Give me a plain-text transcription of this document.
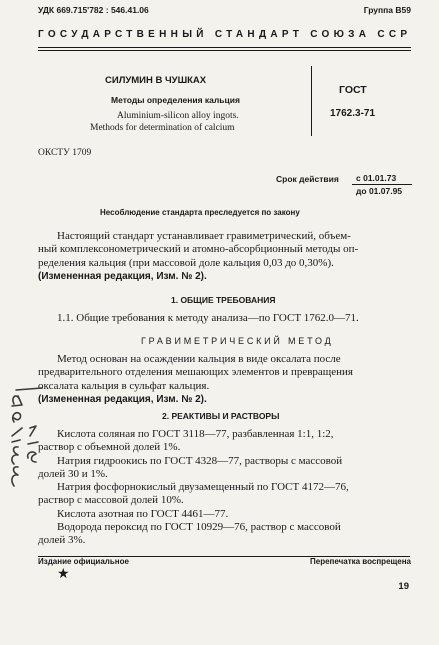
УДК 669.715'782 : 546.41.06	Группа В59
ГОСУДАРСТВЕННЫЙ СТАНДАРТ СОЮЗА ССР
СИЛУМИН В ЧУШКАХ
Методы определения кальция
Aluminium-silicon alloy ingots.
Methods for determination of calcium
ГОСТ
1762.3-71
ОКСТУ 1709
Срок действия с 01.01.73
до 01.07.95
Несоблюдение стандарта преследуется по закону
Настоящий стандарт устанавливает гравиметрический, объем-
ный комплексонометрический и атомно-абсорбционный методы оп-
ределения кальция (при массовой доле кальция 0,03 до 0,30%).
(Измененная редакция, Изм. № 2).
1. ОБЩИЕ ТРЕБОВАНИЯ
1.1. Общие требования к методу анализа—по ГОСТ 1762.0—71.
ГРАВИМЕТРИЧЕСКИЙ МЕТОД
Метод основан на осаждении кальция в виде оксалата после
предварительного отделения мешающих элементов и превращения
оксалата кальция в сульфат кальция.
(Измененная редакция, Изм. № 2).
2. РЕАКТИВЫ И РАСТВОРЫ
Кислота соляная по ГОСТ 3118—77, разбавленная 1:1, 1:2,
раствор с объемной долей 1%.
Натрия гидроокись по ГОСТ 4328—77, растворы с массовой
долей 30 и 1%.
Натрия фосфорнокислый двузамещенный по ГОСТ 4172—76,
раствор с массовой долей 10%.
Кислота азотная по ГОСТ 4461—77.
Водорода пероксид по ГОСТ 10929—76, раствор с массовой
долей 3%.
Издание официальное	Перепечатка воспрещена
★
19
